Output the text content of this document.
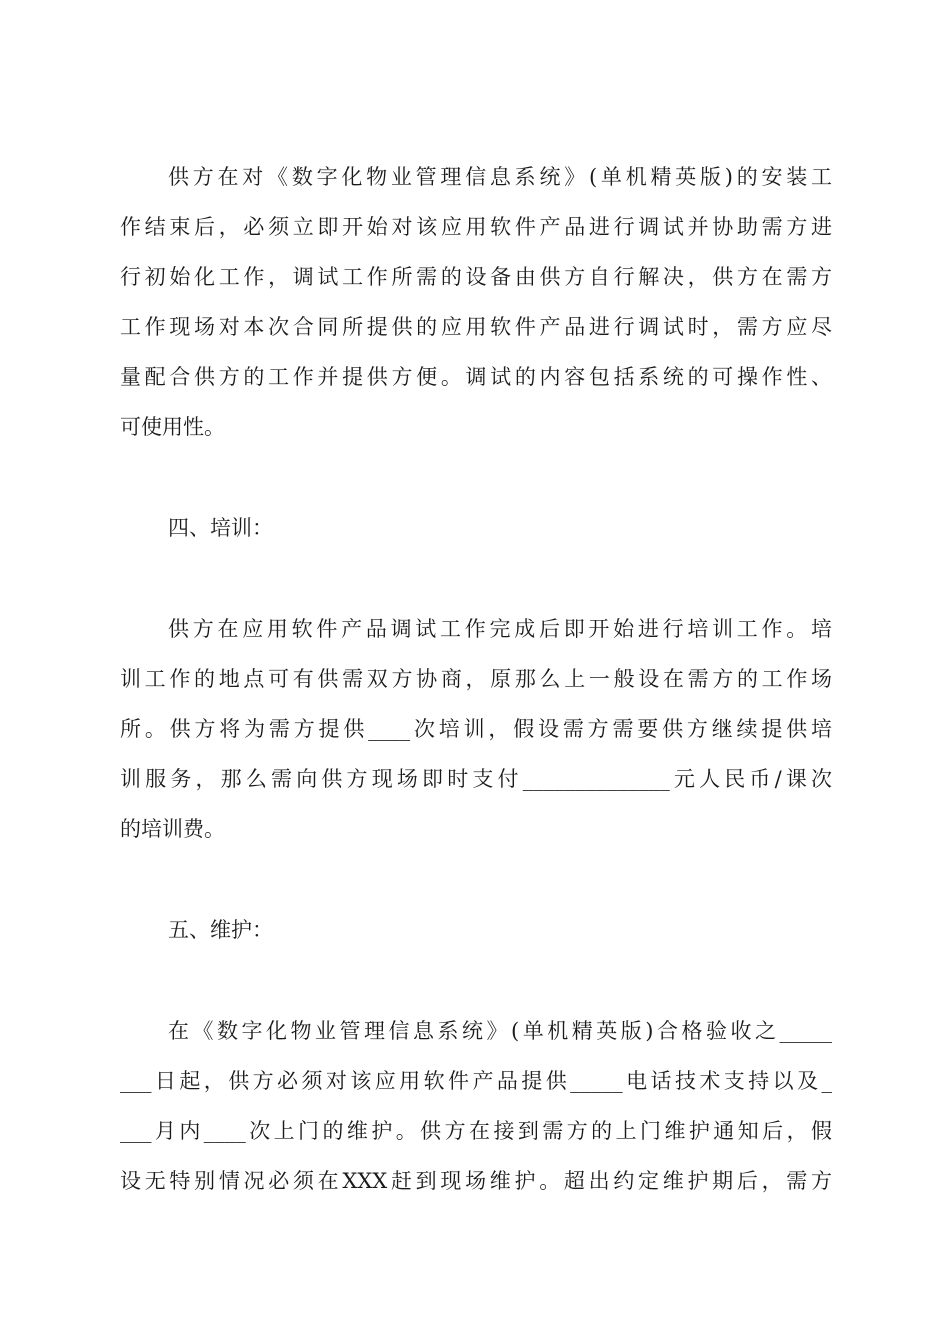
供方在对《数字化物业管理信息系统》(单机精英版)的安装工
作结束后，必须立即开始对该应用软件产品进行调试并协助需方进
行初始化工作，调试工作所需的设备由供方自行解决，供方在需方
工作现场对本次合同所提供的应用软件产品进行调试时，需方应尽
量配合供方的工作并提供方便。调试的内容包括系统的可操作性、
可使用性。
四、培训：
供方在应用软件产品调试工作完成后即开始进行培训工作。培
训工作的地点可有供需双方协商，原那么上一般设在需方的工作场
所。供方将为需方提供____次培训，假设需方需要供方继续提供培
训服务，那么需向供方现场即时支付______________元人民币/课次
的培训费。
五、维护：
在《数字化物业管理信息系统》(单机精英版)合格验收之_____
___日起，供方必须对该应用软件产品提供_____电话技术支持以及_
___月内____次上门的维护。供方在接到需方的上门维护通知后，假
设无特别情况必须在XXX赶到现场维护。超出约定维护期后，需方
